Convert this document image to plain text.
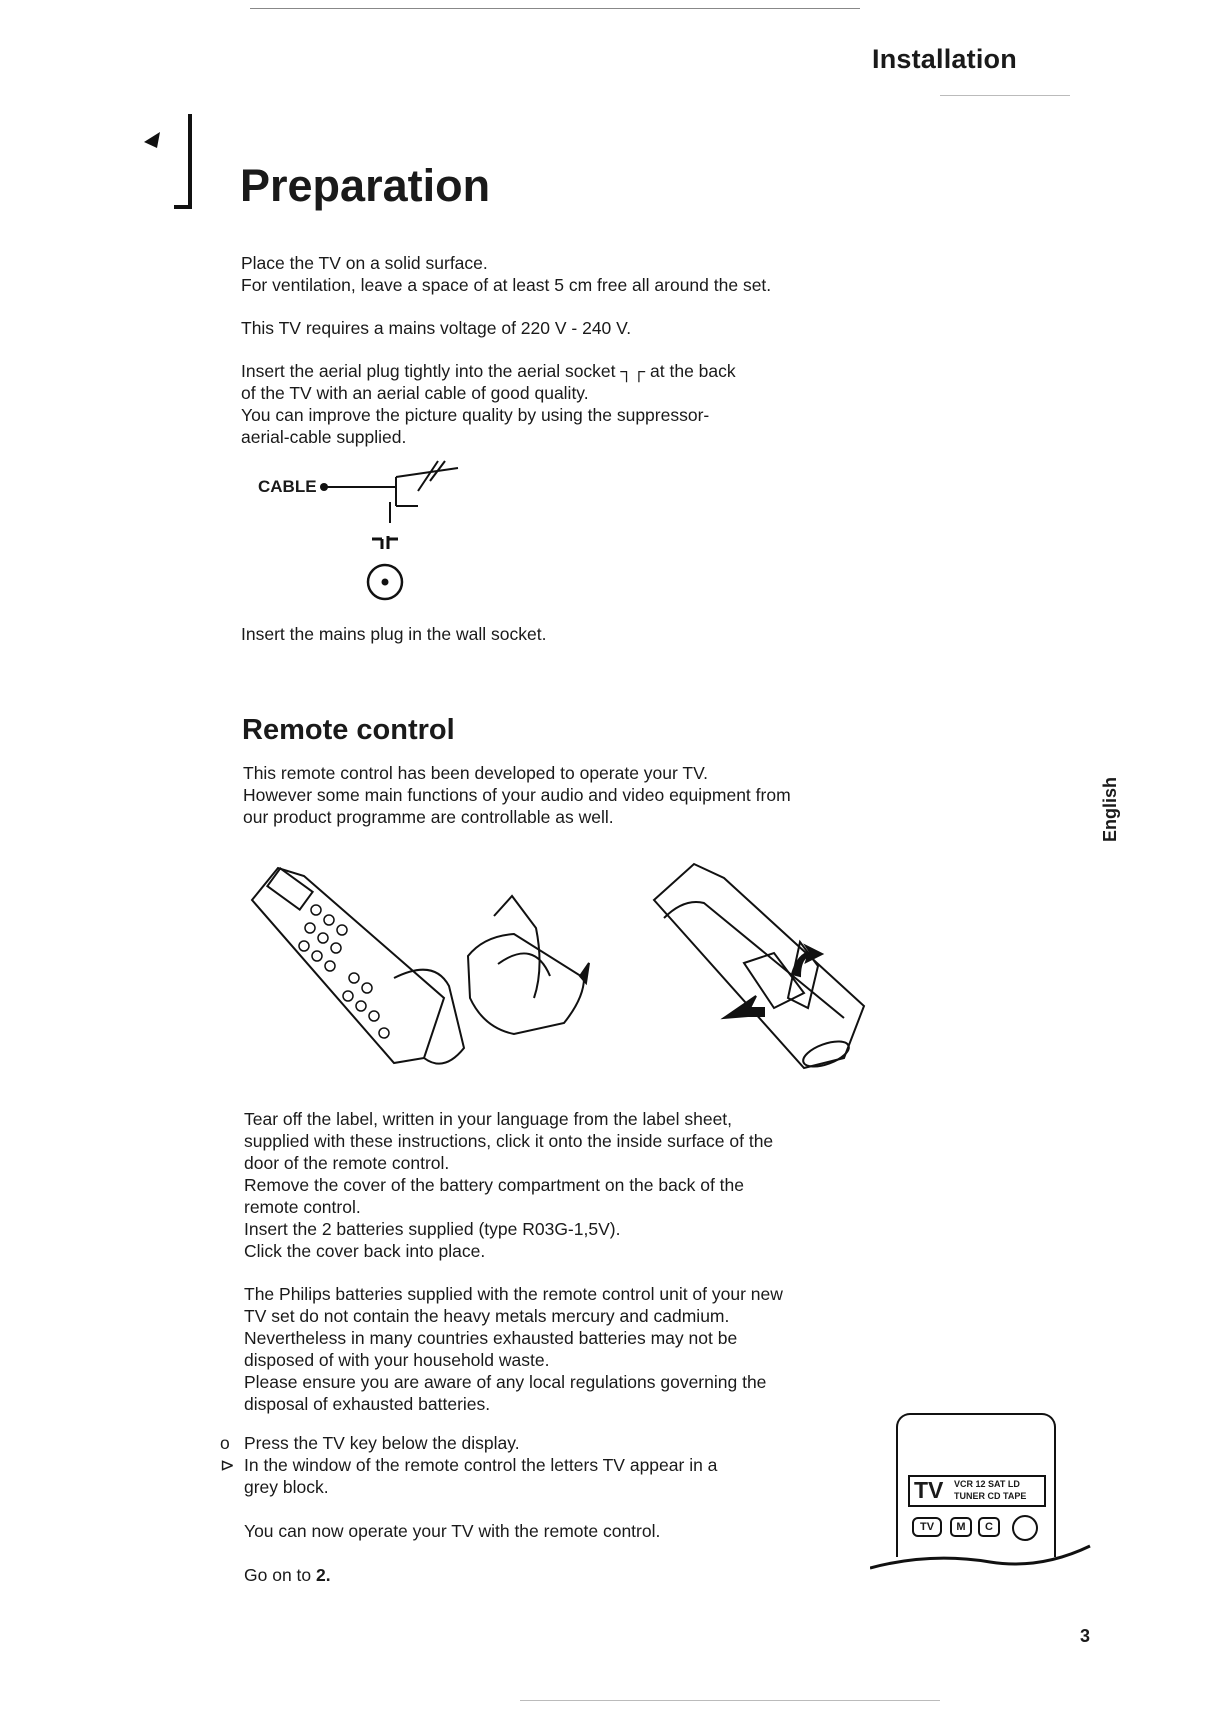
Installation
1
Preparation
Place the TV on a solid surface.
For ventilation, leave a space of at least 5 cm free all around the set.
This TV requires a mains voltage of 220 V - 240 V.
Insert the aerial plug tightly into the aerial socket ┐┌ at the back
of the TV with an aerial cable of good quality.
You can improve the picture quality by using the suppressor-
aerial-cable supplied.
CABLE
Insert the mains plug in the wall socket.
Remote control
This remote control has been developed to operate your TV.
However some main functions of your audio and video equipment from
our product programme are controllable as well.
Tear off the label, written in your language from the label sheet,
supplied with these instructions, click it onto the inside surface of the
door of the remote control.
Remove the cover of the battery compartment on the back of the
remote control.
Insert the 2 batteries supplied (type R03G-1,5V).
Click the cover back into place.
The Philips batteries supplied with the remote control unit of your new
TV set do not contain the heavy metals mercury and cadmium.
Nevertheless in many countries exhausted batteries may not be
disposed of with your household waste.
Please ensure you are aware of any local regulations governing the
disposal of exhausted batteries.
o Press the TV key below the display.
⊳ In the window of the remote control the letters TV appear in a
grey block.
You can now operate your TV with the remote control.
Go on to 2.
TV VCR 12 SAT LD
TUNER CD TAPE
TV	M	C
English
3
